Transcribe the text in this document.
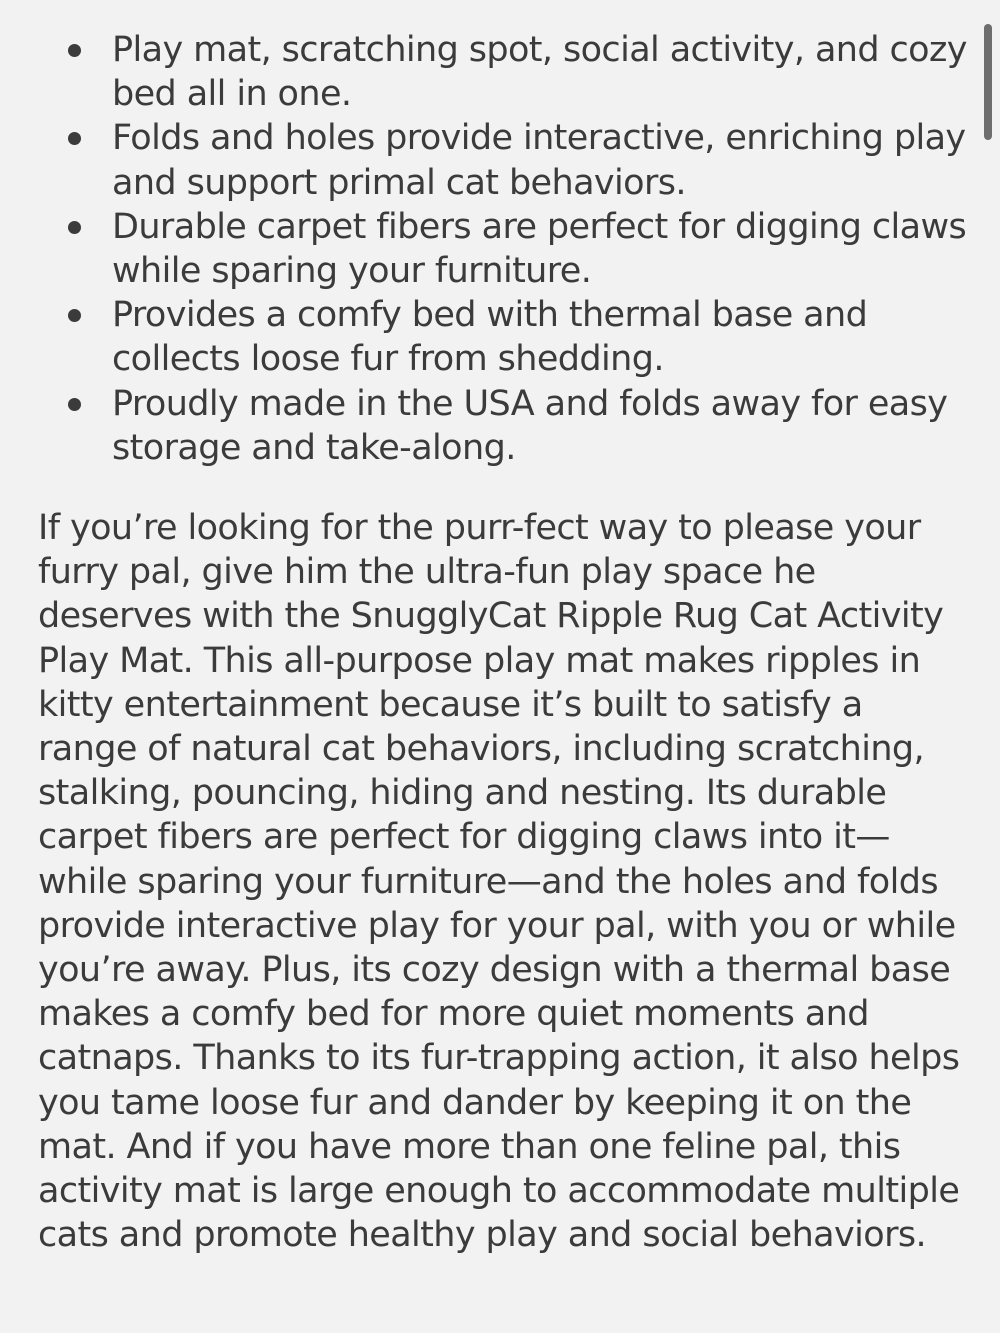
Play mat, scratching spot, social activity, and cozy bed all in one.
Folds and holes provide interactive, enriching play and support primal cat behaviors.
Durable carpet fibers are perfect for digging claws while sparing your furniture.
Provides a comfy bed with thermal base and collects loose fur from shedding.
Proudly made in the USA and folds away for easy storage and take-along.

If you’re looking for the purr-fect way to please your furry pal, give him the ultra-fun play space he deserves with the SnugglyCat Ripple Rug Cat Activity Play Mat. This all-purpose play mat makes ripples in kitty entertainment because it’s built to satisfy a range of natural cat behaviors, including scratching, stalking, pouncing, hiding and nesting. Its durable carpet fibers are perfect for digging claws into it—while sparing your furniture—and the holes and folds provide interactive play for your pal, with you or while you’re away. Plus, its cozy design with a thermal base makes a comfy bed for more quiet moments and catnaps. Thanks to its fur-trapping action, it also helps you tame loose fur and dander by keeping it on the mat. And if you have more than one feline pal, this activity mat is large enough to accommodate multiple cats and promote healthy play and social behaviors.
